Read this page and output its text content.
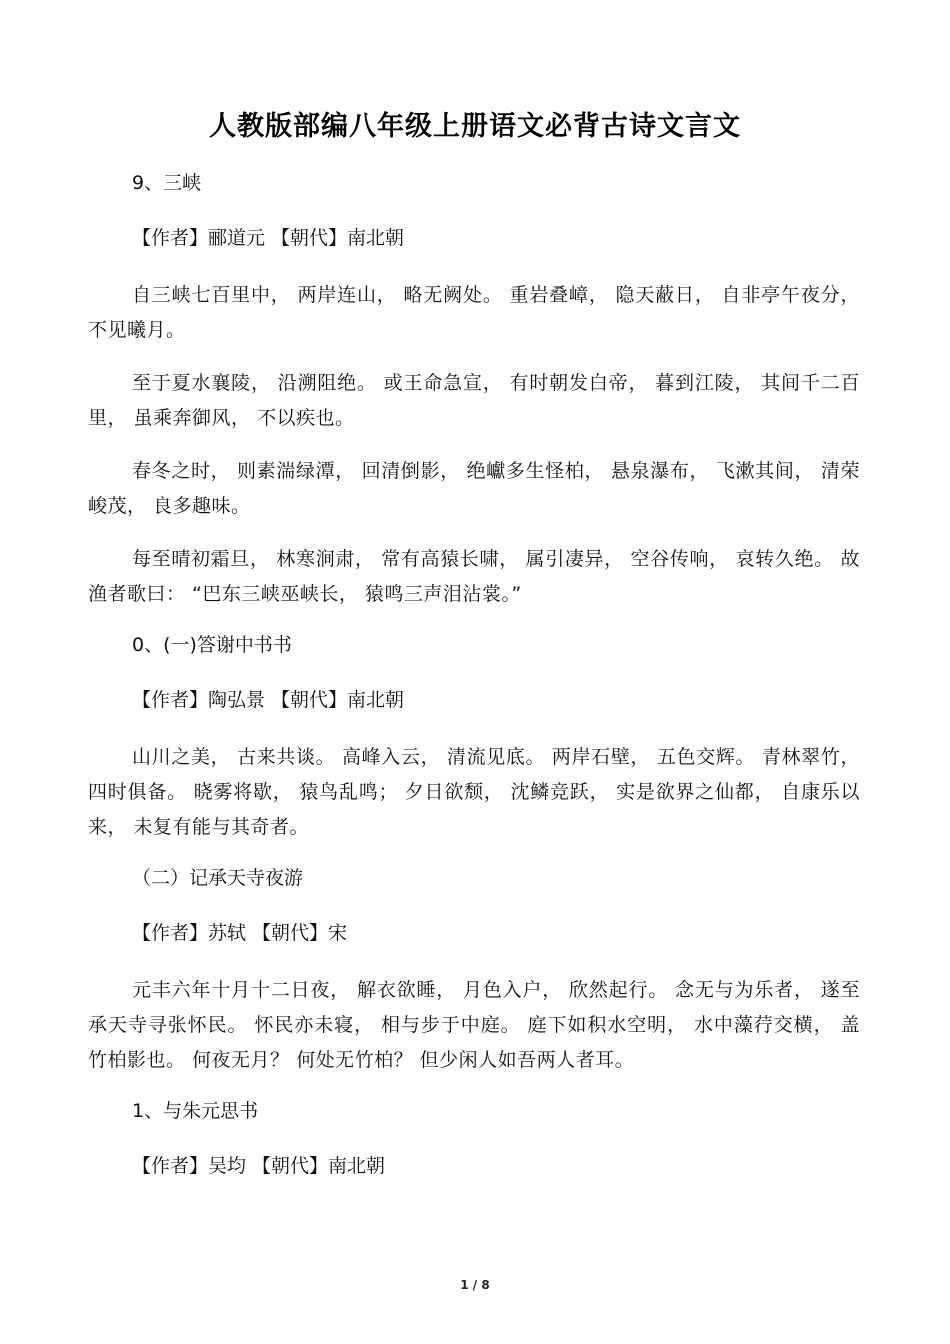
人教版部编八年级上册语文必背古诗文言文
9、三峡
【作者】郦道元 【朝代】南北朝

自三峡七百里中， 两岸连山， 略无阙处。 重岩叠嶂， 隐天蔽日， 自非亭午夜分， 不见曦月。

至于夏水襄陵， 沿溯阻绝。 或王命急宣， 有时朝发白帝， 暮到江陵， 其间千二百里， 虽乘奔御风， 不以疾也。

春冬之时， 则素湍绿潭， 回清倒影， 绝巘多生怪柏， 悬泉瀑布， 飞漱其间， 清荣峻茂， 良多趣味。

每至晴初霜旦， 林寒涧肃， 常有高猿长啸， 属引凄异， 空谷传响， 哀转久绝。 故渔者歌曰： “巴东三峡巫峡长， 猿鸣三声泪沾裳。”

0、(一)答谢中书书
【作者】陶弘景 【朝代】南北朝

山川之美， 古来共谈。 高峰入云， 清流见底。 两岸石壁， 五色交辉。 青林翠竹， 四时俱备。 晓雾将歇， 猿鸟乱鸣； 夕日欲颓， 沈鳞竞跃， 实是欲界之仙都， 自康乐以来， 未复有能与其奇者。

（二）记承天寺夜游
【作者】苏轼 【朝代】宋

元丰六年十月十二日夜， 解衣欲睡， 月色入户， 欣然起行。 念无与为乐者， 遂至承天寺寻张怀民。 怀民亦未寝， 相与步于中庭。 庭下如积水空明， 水中藻荇交横， 盖竹柏影也。 何夜无月？ 何处无竹柏？ 但少闲人如吾两人者耳。

1、与朱元思书
【作者】吴均 【朝代】南北朝
1 / 8
